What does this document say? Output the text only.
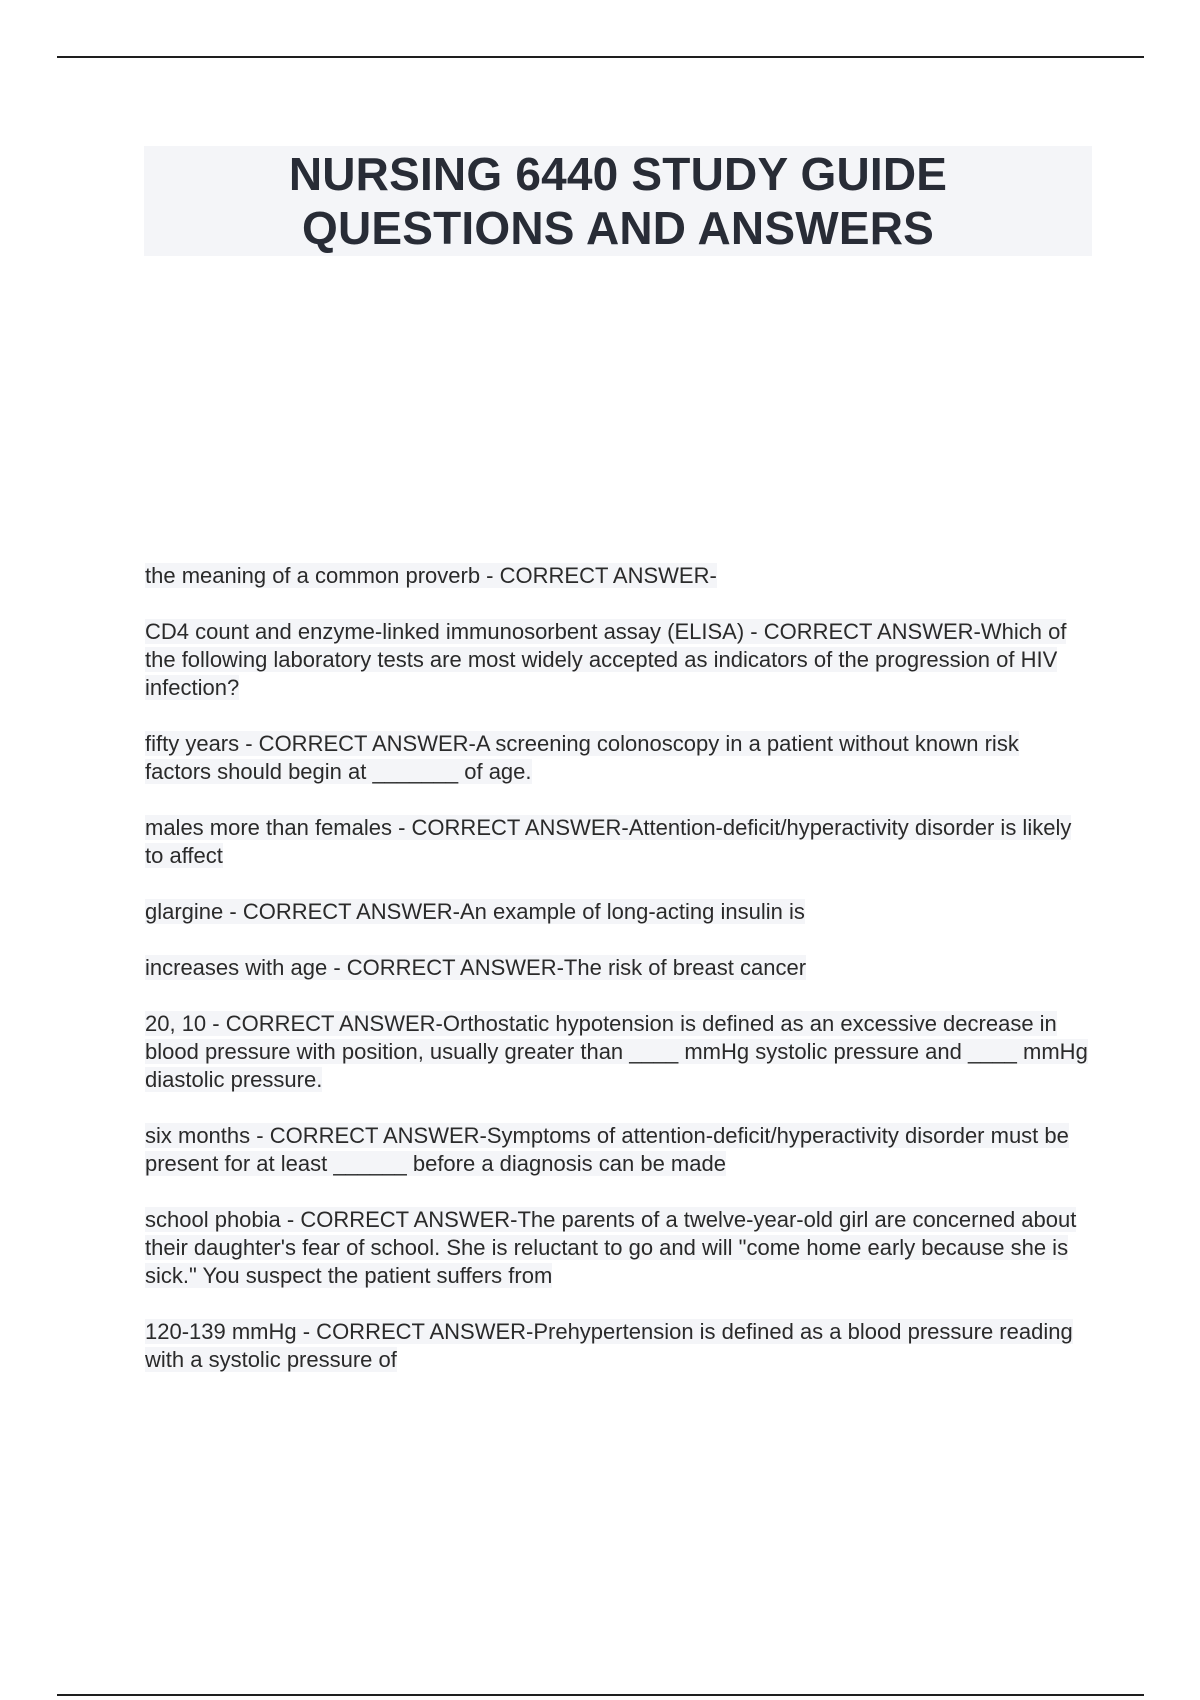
NURSING 6440 STUDY GUIDE
QUESTIONS AND ANSWERS

the meaning of a common proverb - CORRECT ANSWER-

CD4 count and enzyme-linked immunosorbent assay (ELISA) - CORRECT ANSWER-Which of the following laboratory tests are most widely accepted as indicators of the progression of HIV infection?

fifty years - CORRECT ANSWER-A screening colonoscopy in a patient without known risk factors should begin at _______ of age.

males more than females - CORRECT ANSWER-Attention-deficit/hyperactivity disorder is likely to affect

glargine - CORRECT ANSWER-An example of long-acting insulin is

increases with age - CORRECT ANSWER-The risk of breast cancer

20, 10 - CORRECT ANSWER-Orthostatic hypotension is defined as an excessive decrease in blood pressure with position, usually greater than ____ mmHg systolic pressure and ____ mmHg diastolic pressure.

six months - CORRECT ANSWER-Symptoms of attention-deficit/hyperactivity disorder must be present for at least ______ before a diagnosis can be made

school phobia - CORRECT ANSWER-The parents of a twelve-year-old girl are concerned about their daughter's fear of school. She is reluctant to go and will "come home early because she is sick." You suspect the patient suffers from

120-139 mmHg - CORRECT ANSWER-Prehypertension is defined as a blood pressure reading with a systolic pressure of
